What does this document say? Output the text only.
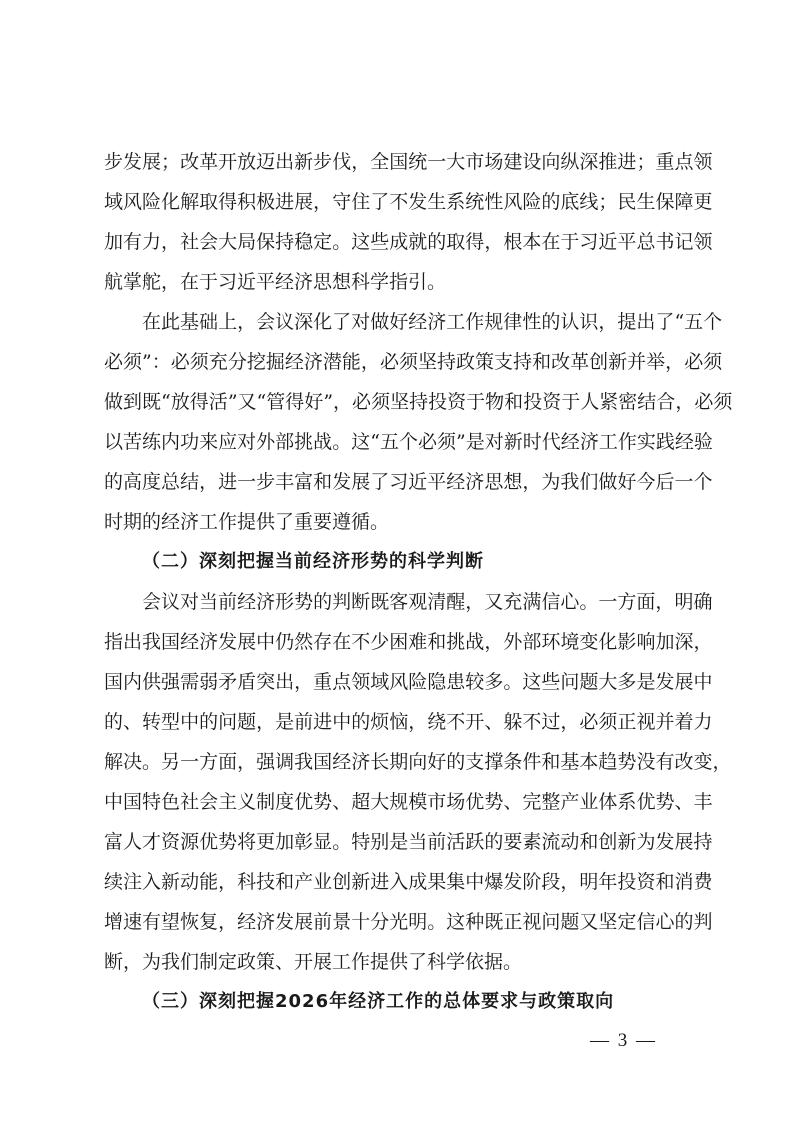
步 发 展 ； 改 革 开 放 迈 出 新 步 伐 ， 全 国 统 一 大 市 场 建 设 向 纵 深 推 进 ； 重 点 领
域 风 险 化 解 取 得 积 极 进 展 ， 守 住 了 不 发 生 系 统 性 风 险 的 底 线 ； 民 生 保 障 更
加 有 力 ， 社 会 大 局 保 持 稳 定 。 这 些 成 就 的 取 得 ， 根 本 在 于 习 近 平 总 书 记 领
航掌舵，在于习近平经济思想科学指引。
在 此 基 础 上 ， 会 议 深 化 了 对 做 好 经 济 工 作 规 律 性 的 认 识 ， 提 出 了 “ 五 个
必 须 ” ： 必 须 充 分 挖 掘 经 济 潜 能 ， 必 须 坚 持 政 策 支 持 和 改 革 创 新 并 举 ， 必 须
做 到 既 “ 放 得 活 ” 又 “ 管 得 好 ” ， 必 须 坚 持 投 资 于 物 和 投 资 于 人 紧 密 结 合 ， 必 须
以 苦 练 内 功 来 应 对 外 部 挑 战 。 这 “ 五 个 必 须 ” 是 对 新 时 代 经 济 工 作 实 践 经 验
的 高 度 总 结 ， 进 一 步 丰 富 和 发 展 了 习 近 平 经 济 思 想 ， 为 我 们 做 好 今 后 一 个
时期的经济工作提供了重要遵循。
（二）深刻把握当前经济形势的科学判断
会 议 对 当 前 经 济 形 势 的 判 断 既 客 观 清 醒 ， 又 充 满 信 心 。 一 方 面 ， 明 确
指 出 我 国 经 济 发 展 中 仍 然 存 在 不 少 困 难 和 挑 战 ， 外 部 环 境 变 化 影 响 加 深 ，
国 内 供 强 需 弱 矛 盾 突 出 ， 重 点 领 域 风 险 隐 患 较 多 。 这 些 问 题 大 多 是 发 展 中
的 、 转 型 中 的 问 题 ， 是 前 进 中 的 烦 恼 ， 绕 不 开 、 躲 不 过 ， 必 须 正 视 并 着 力
解 决 。 另 一 方 面 ， 强 调 我 国 经 济 长 期 向 好 的 支 撑 条 件 和 基 本 趋 势 没 有 改 变 ，
中 国 特 色 社 会 主 义 制 度 优 势 、 超 大 规 模 市 场 优 势 、 完 整 产 业 体 系 优 势 、 丰
富 人 才 资 源 优 势 将 更 加 彰 显 。 特 别 是 当 前 活 跃 的 要 素 流 动 和 创 新 为 发 展 持
续 注 入 新 动 能 ， 科 技 和 产 业 创 新 进 入 成 果 集 中 爆 发 阶 段 ， 明 年 投 资 和 消 费
增 速 有 望 恢 复 ， 经 济 发 展 前 景 十 分 光 明 。 这 种 既 正 视 问 题 又 坚 定 信 心 的 判
断，为我们制定政策、开展工作提供了科学依据。
（三）深刻把握2026年经济工作的总体要求与政策取向
— 3 —
